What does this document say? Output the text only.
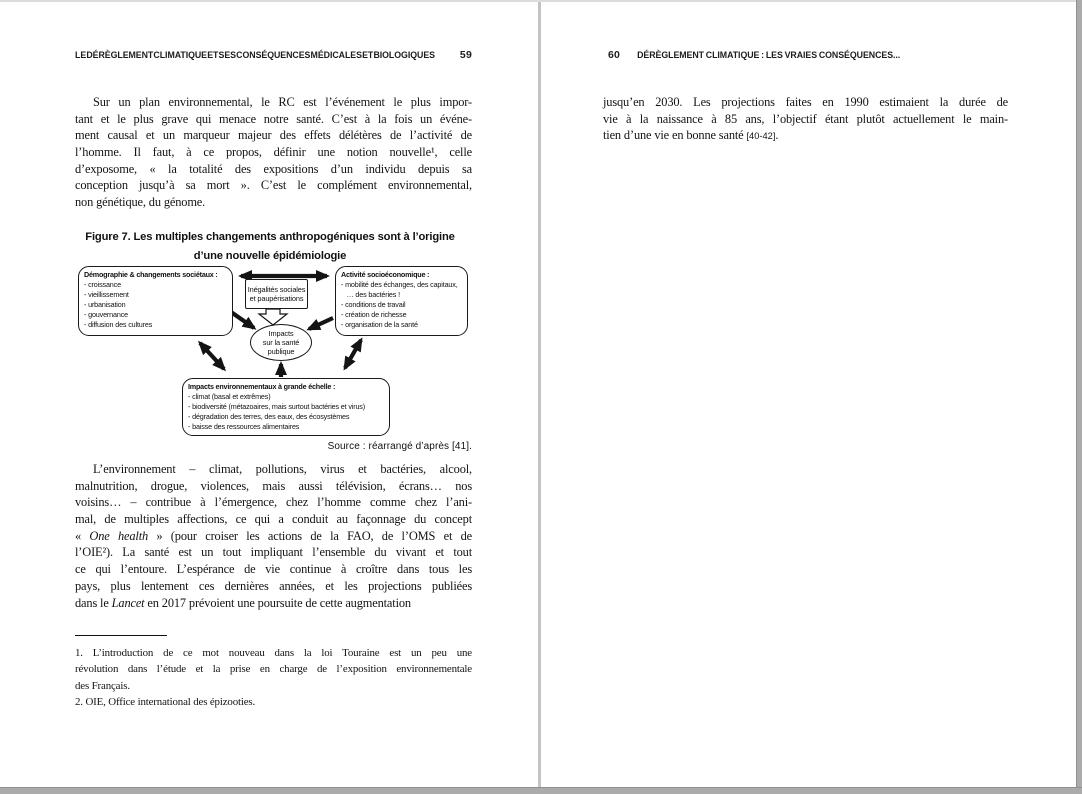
LE DÉRÈGLEMENT CLIMATIQUE ET SES CONSÉQUENCES MÉDICALES ET BIOLOGIQUES 59
Sur un plan environnemental, le RC est l’événement le plus impor-
tant et le plus grave qui menace notre santé. C’est à la fois un événe-
ment causal et un marqueur majeur des effets délétères de l’activité de
l’homme. Il faut, à ce propos, définir une notion nouvelle¹, celle
d’exposome, « la totalité des expositions d’un individu depuis sa
conception jusqu’à sa mort ». C’est le complément environnemental,
non génétique, du génome.
Figure 7. Les multiples changements anthropogéniques sont à l’origine
d’une nouvelle épidémiologie
Démographie & changements sociétaux :
- croissance
- vieillissement
- urbanisation
- gouvernance
- diffusion des cultures
Inégalités sociales
et paupérisations
Activité socioéconomique :
- mobilité des échanges, des capitaux,
… des bactéries !
- conditions de travail
- création de richesse
- organisation de la santé
Impacts
sur la santé
publique
Impacts environnementaux à grande échelle :
- climat (basal et extrêmes)
- biodiversité (métazoaires, mais surtout bactéries et virus)
- dégradation des terres, des eaux, des écosystèmes
- baisse des ressources alimentaires
Source : réarrangé d’après [41].
L’environnement – climat, pollutions, virus et bactéries, alcool,
malnutrition, drogue, violences, mais aussi télévision, écrans… nos
voisins… – contribue à l’émergence, chez l’homme comme chez l’ani-
mal, de multiples affections, ce qui a conduit au façonnage du concept
« One health » (pour croiser les actions de la FAO, de l’OMS et de
l’OIE²). La santé est un tout impliquant l’ensemble du vivant et tout
ce qui l’entoure. L’espérance de vie continue à croître dans tous les
pays, plus lentement ces dernières années, et les projections publiées
dans le Lancet en 2017 prévoient une poursuite de cette augmentation
1. L’introduction de ce mot nouveau dans la loi Touraine est un peu une
révolution dans l’étude et la prise en charge de l’exposition environnementale
des Français.
2. OIE, Office international des épizooties.
60 DÉRÈGLEMENT CLIMATIQUE : LES VRAIES CONSÉQUENCES...
jusqu’en 2030. Les projections faites en 1990 estimaient la durée de
vie à la naissance à 85 ans, l’objectif étant plutôt actuellement le main-
tien d’une vie en bonne santé [40-42].
